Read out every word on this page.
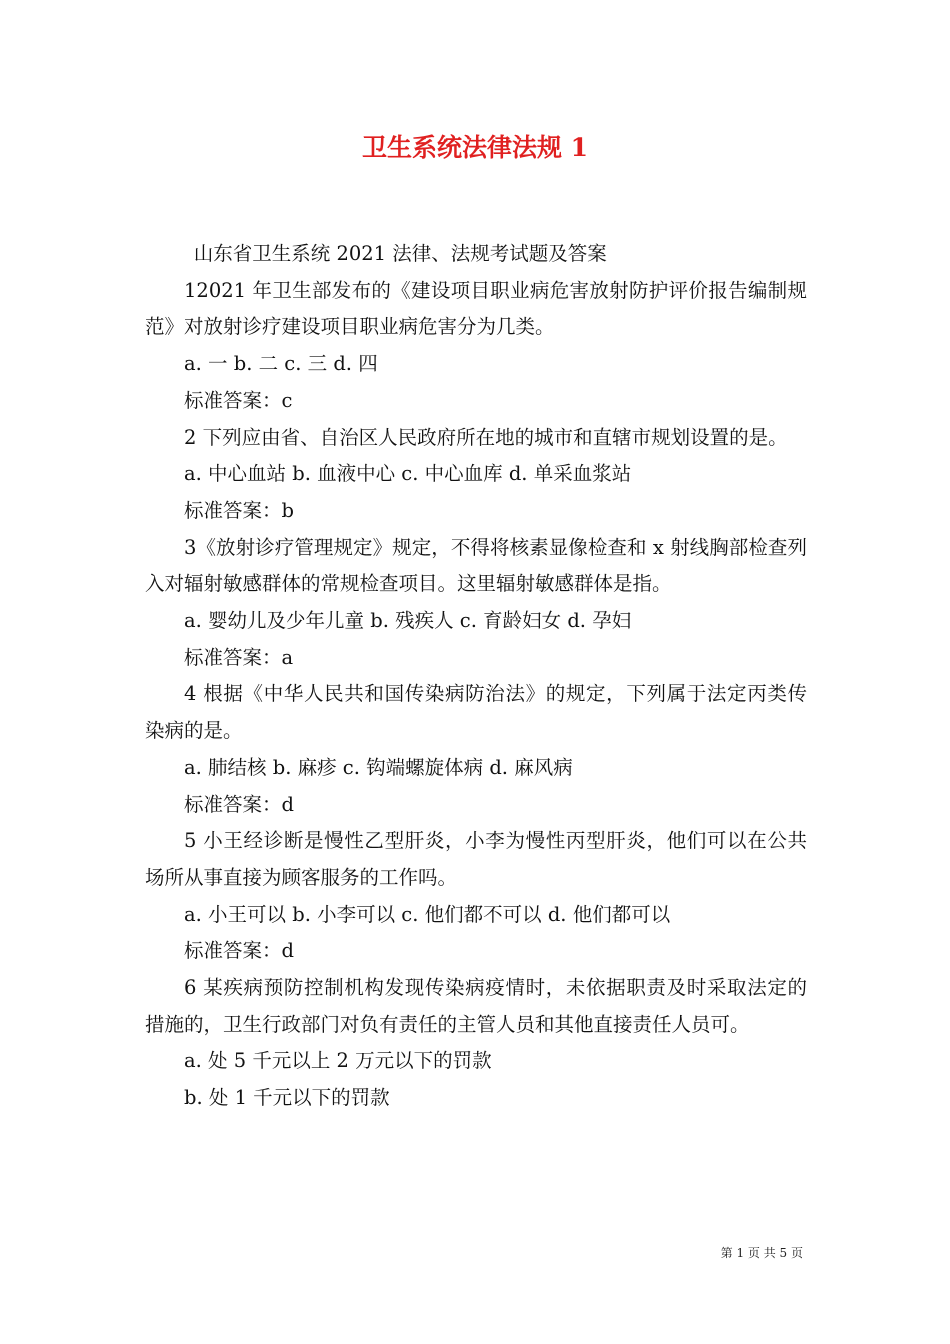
卫生系统法律法规 1

山东省卫生系统 2021 法律、法规考试题及答案

12021 年卫生部发布的《建设项目职业病危害放射防护评价报告编制规范》对放射诊疗建设项目职业病危害分为几类。

a. 一 b. 二 c. 三 d. 四

标准答案：c

2 下列应由省、自治区人民政府所在地的城市和直辖市规划设置的是。

a. 中心血站 b. 血液中心 c. 中心血库 d. 单采血浆站

标准答案：b

3《放射诊疗管理规定》规定，不得将核素显像检查和 x 射线胸部检查列入对辐射敏感群体的常规检查项目。这里辐射敏感群体是指。

a. 婴幼儿及少年儿童 b. 残疾人 c. 育龄妇女 d. 孕妇

标准答案：a

4 根据《中华人民共和国传染病防治法》的规定，下列属于法定丙类传染病的是。

a. 肺结核 b. 麻疹 c. 钩端螺旋体病 d. 麻风病

标准答案：d

5 小王经诊断是慢性乙型肝炎，小李为慢性丙型肝炎，他们可以在公共场所从事直接为顾客服务的工作吗。

a. 小王可以 b. 小李可以 c. 他们都不可以 d. 他们都可以

标准答案：d

6 某疾病预防控制机构发现传染病疫情时，未依据职责及时采取法定的措施的，卫生行政部门对负有责任的主管人员和其他直接责任人员可。

a. 处 5 千元以上 2 万元以下的罚款

b. 处 1 千元以下的罚款

第 1 页 共 5 页
